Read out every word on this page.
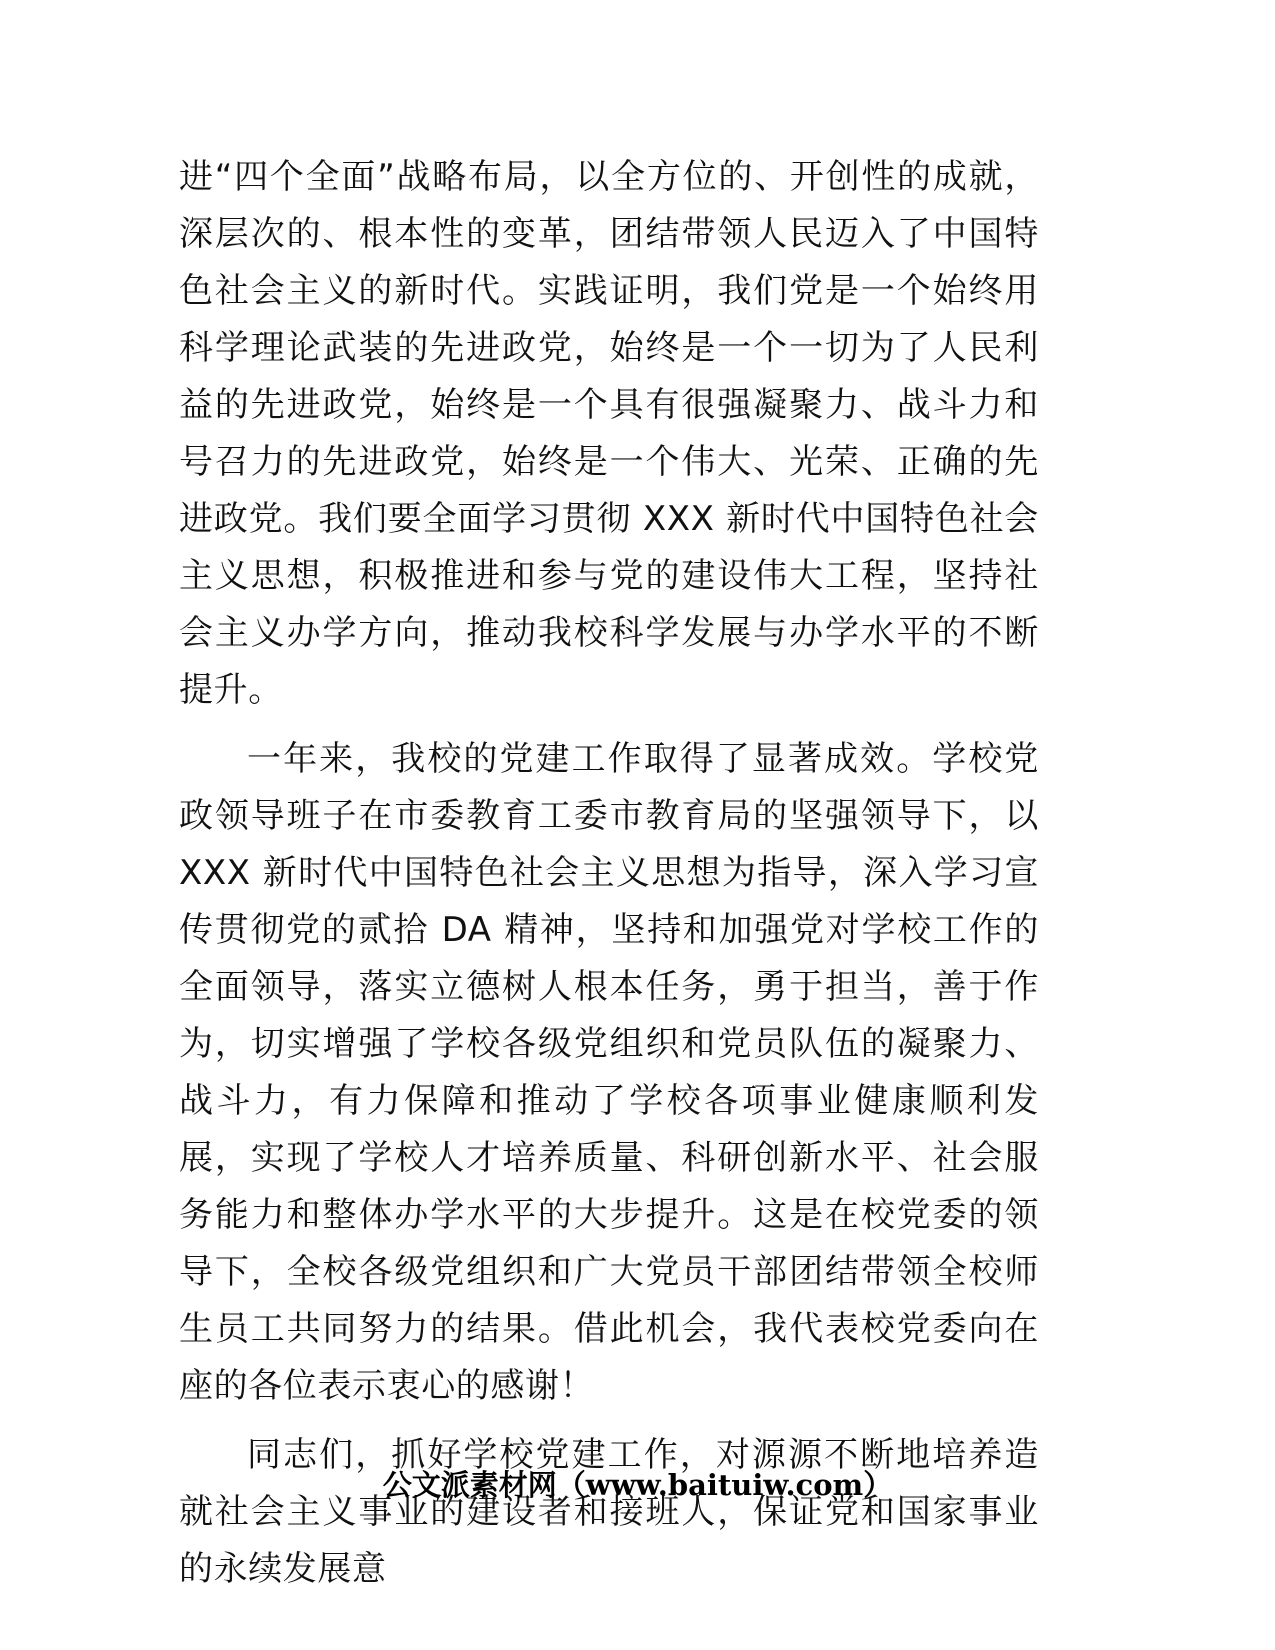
进“四个全面”战略布局，以全方位的、开创性的成就，深层次的、根本性的变革，团结带领人民迈入了中国特色社会主义的新时代。实践证明，我们党是一个始终用科学理论武装的先进政党，始终是一个一切为了人民利益的先进政党，始终是一个具有很强凝聚力、战斗力和号召力的先进政党，始终是一个伟大、光荣、正确的先进政党。我们要全面学习贯彻 XXX 新时代中国特色社会主义思想，积极推进和参与党的建设伟大工程，坚持社会主义办学方向，推动我校科学发展与办学水平的不断提升。

一年来，我校的党建工作取得了显著成效。学校党政领导班子在市委教育工委市教育局的坚强领导下，以 XXX 新时代中国特色社会主义思想为指导，深入学习宣传贯彻党的贰拾 DA 精神，坚持和加强党对学校工作的全面领导，落实立德树人根本任务，勇于担当，善于作为，切实增强了学校各级党组织和党员队伍的凝聚力、战斗力，有力保障和推动了学校各项事业健康顺利发展，实现了学校人才培养质量、科研创新水平、社会服务能力和整体办学水平的大步提升。这是在校党委的领导下，全校各级党组织和广大党员干部团结带领全校师生员工共同努力的结果。借此机会，我代表校党委向在座的各位表示衷心的感谢！

同志们，抓好学校党建工作，对源源不断地培养造就社会主义事业的建设者和接班人，保证党和国家事业的永续发展意

公文派素材网（www.baituiw.com）
